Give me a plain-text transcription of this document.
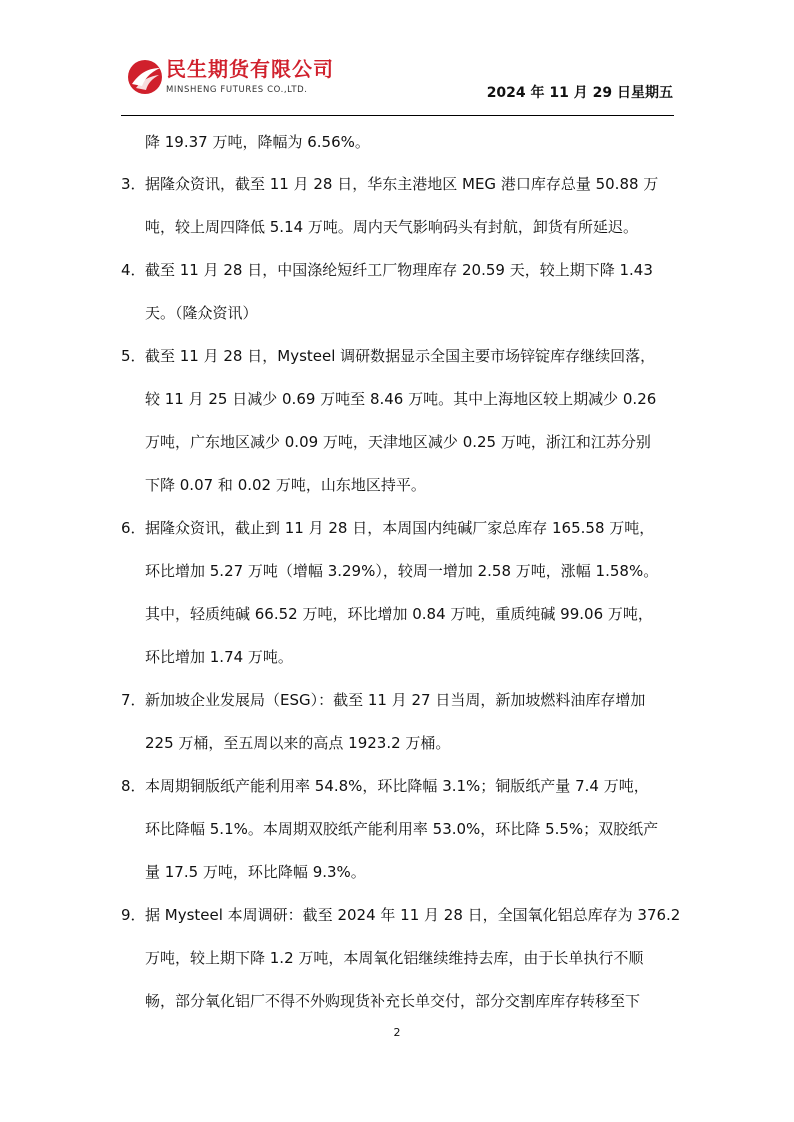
民生期货有限公司
MINSHENG FUTURES CO.,LTD.	2024 年 11 月 29 日星期五
降 19.37 万吨，降幅为 6.56%。
3．据隆众资讯，截至 11 月 28 日，华东主港地区 MEG 港口库存总量 50.88 万
吨，较上周四降低 5.14 万吨。周内天气影响码头有封航，卸货有所延迟。
4．截至 11 月 28 日，中国涤纶短纤工厂物理库存 20.59 天，较上期下降 1.43
天。（隆众资讯）
5．截至 11 月 28 日，Mysteel 调研数据显示全国主要市场锌锭库存继续回落，
较 11 月 25 日减少 0.69 万吨至 8.46 万吨。其中上海地区较上期减少 0.26
万吨，广东地区减少 0.09 万吨，天津地区减少 0.25 万吨，浙江和江苏分别
下降 0.07 和 0.02 万吨，山东地区持平。
6．据隆众资讯，截止到 11 月 28 日，本周国内纯碱厂家总库存 165.58 万吨，
环比增加 5.27 万吨（增幅 3.29%），较周一增加 2.58 万吨，涨幅 1.58%。
其中，轻质纯碱 66.52 万吨，环比增加 0.84 万吨，重质纯碱 99.06 万吨，
环比增加 1.74 万吨。
7．新加坡企业发展局（ESG）：截至 11 月 27 日当周，新加坡燃料油库存增加
225 万桶，至五周以来的高点 1923.2 万桶。
8．本周期铜版纸产能利用率 54.8%，环比降幅 3.1%；铜版纸产量 7.4 万吨，
环比降幅 5.1%。本周期双胶纸产能利用率 53.0%，环比降 5.5%；双胶纸产
量 17.5 万吨，环比降幅 9.3%。
9．据 Mysteel 本周调研：截至 2024 年 11 月 28 日，全国氧化铝总库存为 376.2
万吨，较上期下降 1.2 万吨，本周氧化铝继续维持去库，由于长单执行不顺
畅，部分氧化铝厂不得不外购现货补充长单交付，部分交割库库存转移至下
2
